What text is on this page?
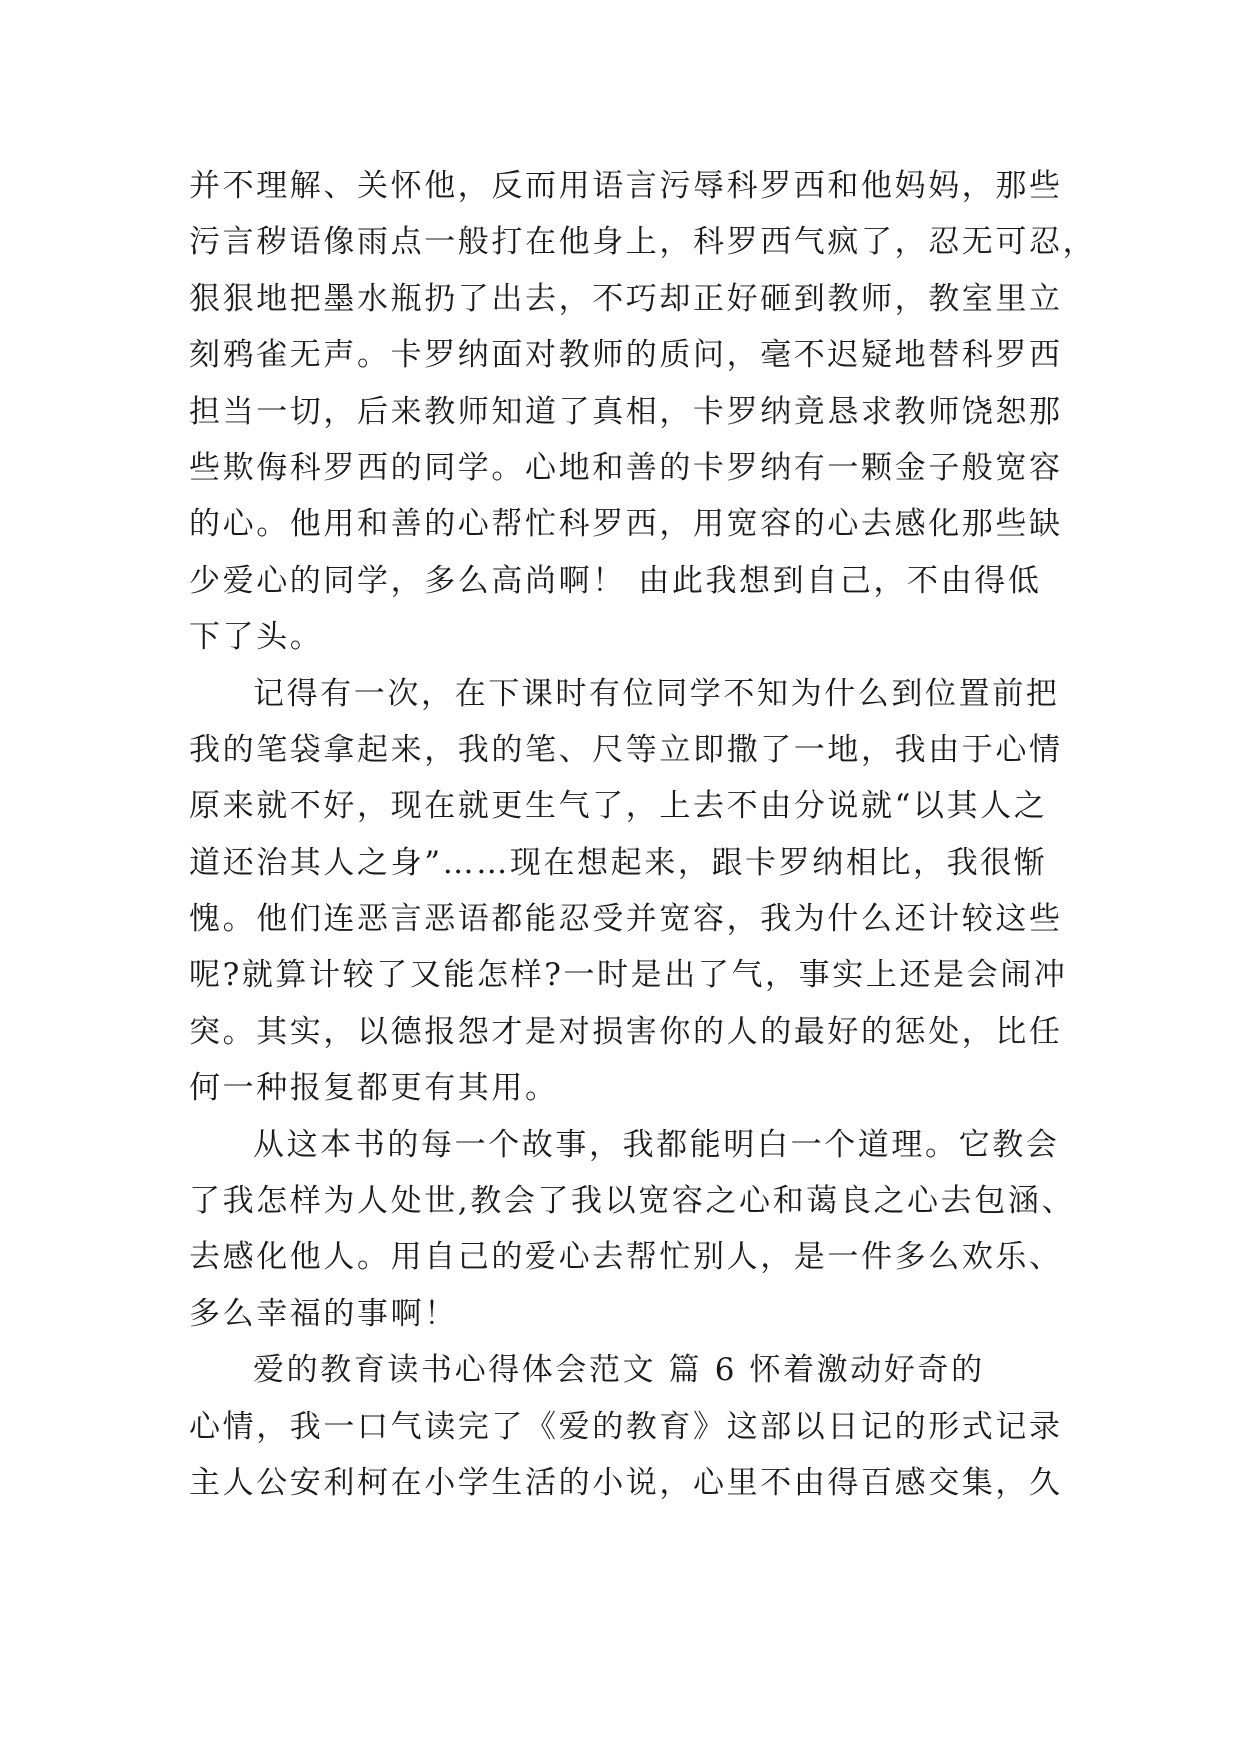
并不理解、关怀他，反而用语言污辱科罗西和他妈妈，那些
污言秽语像雨点一般打在他身上，科罗西气疯了，忍无可忍，
狠狠地把墨水瓶扔了出去，不巧却正好砸到教师，教室里立
刻鸦雀无声。卡罗纳面对教师的质问，毫不迟疑地替科罗西
担当一切，后来教师知道了真相，卡罗纳竟恳求教师饶恕那
些欺侮科罗西的同学。心地和善的卡罗纳有一颗金子般宽容
的心。他用和善的心帮忙科罗西，用宽容的心去感化那些缺
少爱心的同学，多么高尚啊！ 由此我想到自己，不由得低
下了头。
记得有一次，在下课时有位同学不知为什么到位置前把
我的笔袋拿起来，我的笔、尺等立即撒了一地，我由于心情
原来就不好，现在就更生气了，上去不由分说就“以其人之
道还治其人之身”……现在想起来，跟卡罗纳相比，我很惭
愧。他们连恶言恶语都能忍受并宽容，我为什么还计较这些
呢?就算计较了又能怎样?一时是出了气，事实上还是会闹冲
突。其实，以德报怨才是对损害你的人的最好的惩处，比任
何一种报复都更有其用。
从这本书的每一个故事，我都能明白一个道理。它教会
了我怎样为人处世,教会了我以宽容之心和蔼良之心去包涵、
去感化他人。用自己的爱心去帮忙别人，是一件多么欢乐、
多么幸福的事啊！
爱的教育读书心得体会范文 篇 6 怀着激动好奇的
心情，我一口气读完了《爱的教育》这部以日记的形式记录
主人公安利柯在小学生活的小说，心里不由得百感交集，久
